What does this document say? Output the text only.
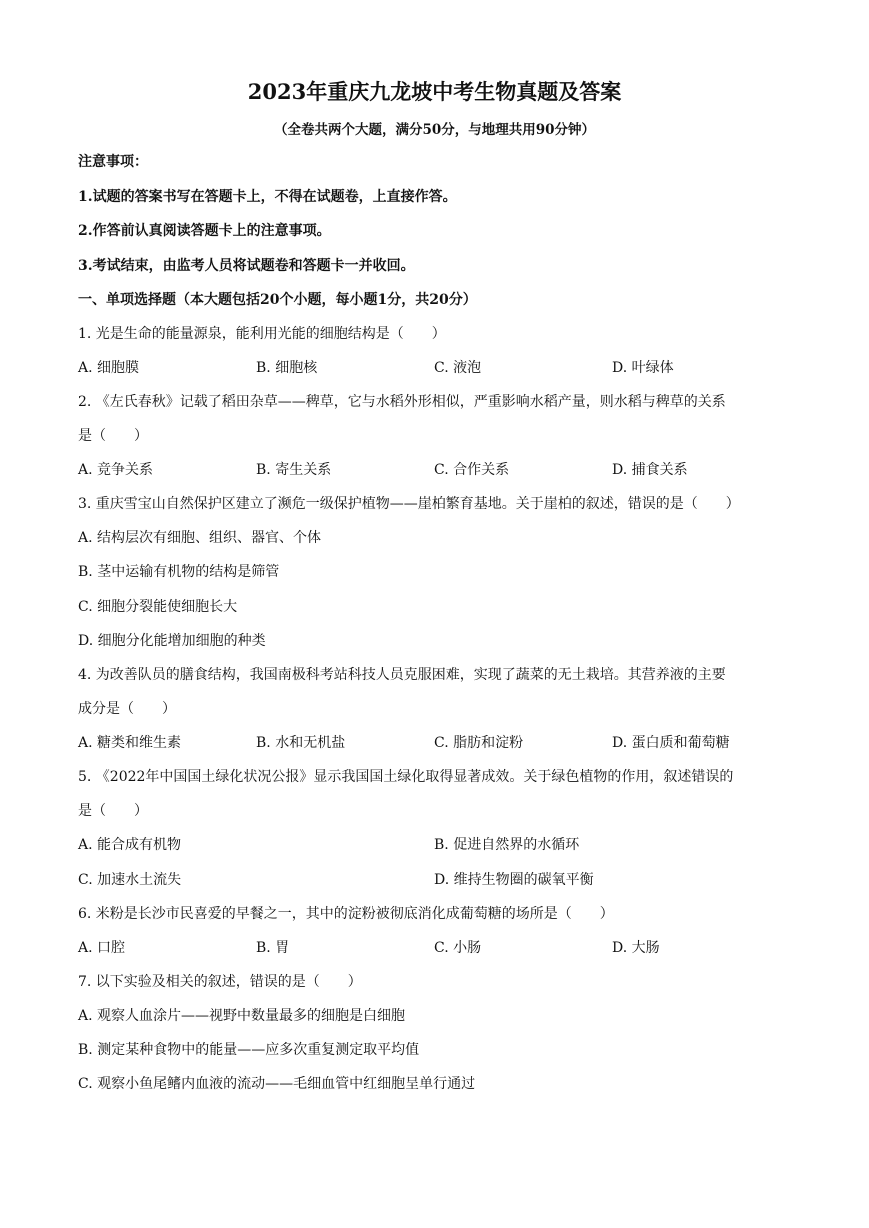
2023年重庆九龙坡中考生物真题及答案
（全卷共两个大题，满分50分，与地理共用90分钟）
注意事项：
1.试题的答案书写在答题卡上，不得在试题卷，上直接作答。
2.作答前认真阅读答题卡上的注意事项。
3.考试结束，由监考人员将试题卷和答题卡一并收回。
一、单项选择题（本大题包括20个小题，每小题1分，共20分）
1. 光是生命的能量源泉，能利用光能的细胞结构是（　　）
A. 细胞膜	B. 细胞核	C. 液泡	D. 叶绿体
2. 《左氏春秋》记载了稻田杂草——稗草，它与水稻外形相似，严重影响水稻产量，则水稻与稗草的关系
是（　　）
A. 竞争关系	B. 寄生关系	C. 合作关系	D. 捕食关系
3. 重庆雪宝山自然保护区建立了濒危一级保护植物——崖柏繁育基地。关于崖柏的叙述，错误的是（　　）
A. 结构层次有细胞、组织、器官、个体
B. 茎中运输有机物的结构是筛管
C. 细胞分裂能使细胞长大
D. 细胞分化能增加细胞的种类
4. 为改善队员的膳食结构，我国南极科考站科技人员克服困难，实现了蔬菜的无土栽培。其营养液的主要
成分是（　　）
A. 糖类和维生素	B. 水和无机盐	C. 脂肪和淀粉	D. 蛋白质和葡萄糖
5. 《2022年中国国土绿化状况公报》显示我国国土绿化取得显著成效。关于绿色植物的作用，叙述错误的
是（　　）
A. 能合成有机物	B. 促进自然界的水循环
C. 加速水土流失	D. 维持生物圈的碳氧平衡
6. 米粉是长沙市民喜爱的早餐之一，其中的淀粉被彻底消化成葡萄糖的场所是（　　）
A. 口腔	B. 胃	C. 小肠	D. 大肠
7. 以下实验及相关的叙述，错误的是（　　）
A. 观察人血涂片——视野中数量最多的细胞是白细胞
B. 测定某种食物中的能量——应多次重复测定取平均值
C. 观察小鱼尾鳍内血液的流动——毛细血管中红细胞呈单行通过
